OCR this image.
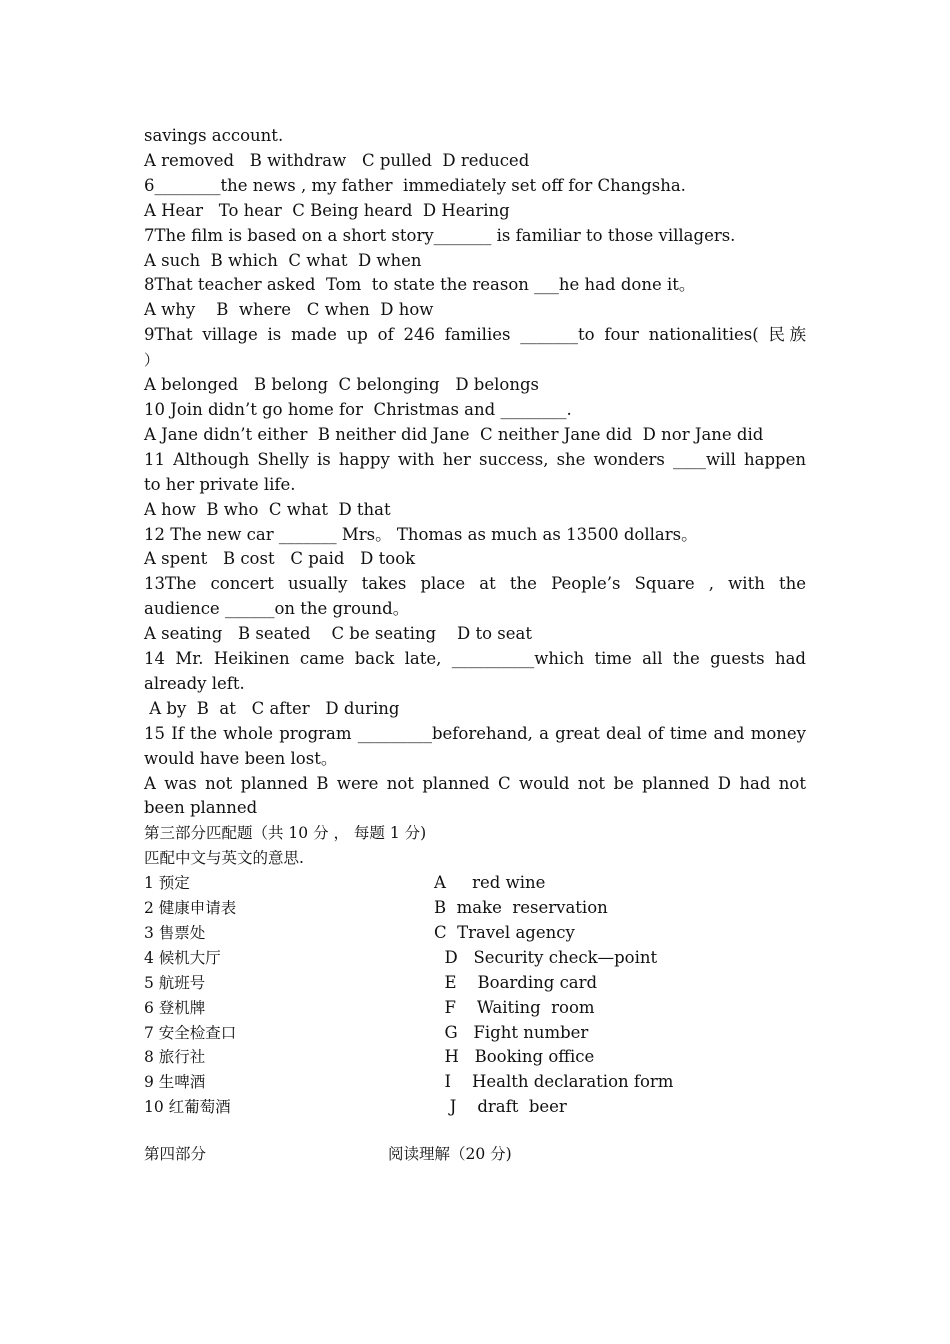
savings account.
A removed   B withdraw   C pulled  D reduced
6________the news , my father  immediately set off for Changsha.
A Hear   To hear  C Being heard  D Hearing
7The film is based on a short story_______ is familiar to those villagers.
A such  B which  C what  D when
8That teacher asked  Tom  to state the reason ___he had done it。
A why    B  where   C when  D how
9That village is made up of 246 families _______to four nationalities( 民族
）
A belonged   B belong  C belonging   D belongs
10 Join didn’t go home for  Christmas and ________.
A Jane didn’t either  B neither did Jane  C neither Jane did  D nor Jane did
11 Although Shelly is happy with her success, she wonders ____will happen
to her private life.
A how  B who  C what  D that
12 The new car _______ Mrs。 Thomas as much as 13500 dollars。
A spent   B cost   C paid   D took
13The concert usually takes place at the People’s Square , with the
audience ______on the ground。
A seating   B seated    C be seating    D to seat
14 Mr. Heikinen came back late, __________which time all the guests had
already left.
A by  B  at   C after   D during
15 If the whole program _________beforehand, a great deal of time and money
would have been lost。
A was not planned B were not planned C would not be planned D had not
been planned
第三部分匹配题（共 10 分 ， 每题 1 分)
匹配中文与英文的意思.
1 预定	A     red wine
2 健康申请表	B  make  reservation
3 售票处	C  Travel agency
4 候机大厅	D   Security check—point
5 航班号	E    Boarding card
6 登机牌	F    Waiting  room
7 安全检查口	G   Fight number
8 旅行社	H   Booking office
9 生啤酒	I    Health declaration form
10 红葡萄酒	J    draft  beer
第四部分	阅读理解（20 分)
